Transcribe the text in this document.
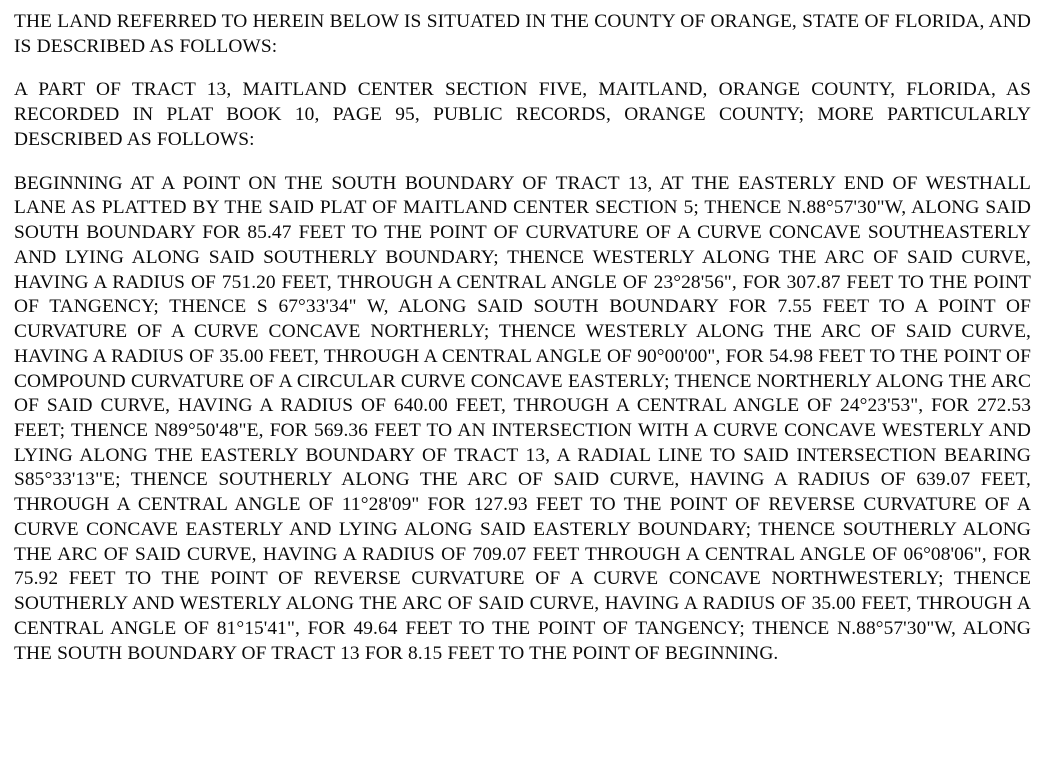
THE LAND REFERRED TO HEREIN BELOW IS SITUATED IN THE COUNTY OF ORANGE, STATE OF FLORIDA, AND IS DESCRIBED AS FOLLOWS:

A PART OF TRACT 13, MAITLAND CENTER SECTION FIVE, MAITLAND, ORANGE COUNTY, FLORIDA, AS RECORDED IN PLAT BOOK 10, PAGE 95, PUBLIC RECORDS, ORANGE COUNTY; MORE PARTICULARLY DESCRIBED AS FOLLOWS:

BEGINNING AT A POINT ON THE SOUTH BOUNDARY OF TRACT 13, AT THE EASTERLY END OF WESTHALL LANE AS PLATTED BY THE SAID PLAT OF MAITLAND CENTER SECTION 5; THENCE N.88°57'30"W, ALONG SAID SOUTH BOUNDARY FOR 85.47 FEET TO THE POINT OF CURVATURE OF A CURVE CONCAVE SOUTHEASTERLY AND LYING ALONG SAID SOUTHERLY BOUNDARY; THENCE WESTERLY ALONG THE ARC OF SAID CURVE, HAVING A RADIUS OF 751.20 FEET, THROUGH A CENTRAL ANGLE OF 23°28'56", FOR 307.87 FEET TO THE POINT OF TANGENCY; THENCE S 67°33'34" W, ALONG SAID SOUTH BOUNDARY FOR 7.55 FEET TO A POINT OF CURVATURE OF A CURVE CONCAVE NORTHERLY; THENCE WESTERLY ALONG THE ARC OF SAID CURVE, HAVING A RADIUS OF 35.00 FEET, THROUGH A CENTRAL ANGLE OF 90°00'00", FOR 54.98 FEET TO THE POINT OF COMPOUND CURVATURE OF A CIRCULAR CURVE CONCAVE EASTERLY; THENCE NORTHERLY ALONG THE ARC OF SAID CURVE, HAVING A RADIUS OF 640.00 FEET, THROUGH A CENTRAL ANGLE OF 24°23'53", FOR 272.53 FEET; THENCE N89°50'48"E, FOR 569.36 FEET TO AN INTERSECTION WITH A CURVE CONCAVE WESTERLY AND LYING ALONG THE EASTERLY BOUNDARY OF TRACT 13, A RADIAL LINE TO SAID INTERSECTION BEARING S85°33'13"E; THENCE SOUTHERLY ALONG THE ARC OF SAID CURVE, HAVING A RADIUS OF 639.07 FEET, THROUGH A CENTRAL ANGLE OF 11°28'09" FOR 127.93 FEET TO THE POINT OF REVERSE CURVATURE OF A CURVE CONCAVE EASTERLY AND LYING ALONG SAID EASTERLY BOUNDARY; THENCE SOUTHERLY ALONG THE ARC OF SAID CURVE, HAVING A RADIUS OF 709.07 FEET THROUGH A CENTRAL ANGLE OF 06°08'06", FOR 75.92 FEET TO THE POINT OF REVERSE CURVATURE OF A CURVE CONCAVE NORTHWESTERLY; THENCE SOUTHERLY AND WESTERLY ALONG THE ARC OF SAID CURVE, HAVING A RADIUS OF 35.00 FEET, THROUGH A CENTRAL ANGLE OF 81°15'41", FOR 49.64 FEET TO THE POINT OF TANGENCY; THENCE N.88°57'30"W, ALONG THE SOUTH BOUNDARY OF TRACT 13 FOR 8.15 FEET TO THE POINT OF BEGINNING.
